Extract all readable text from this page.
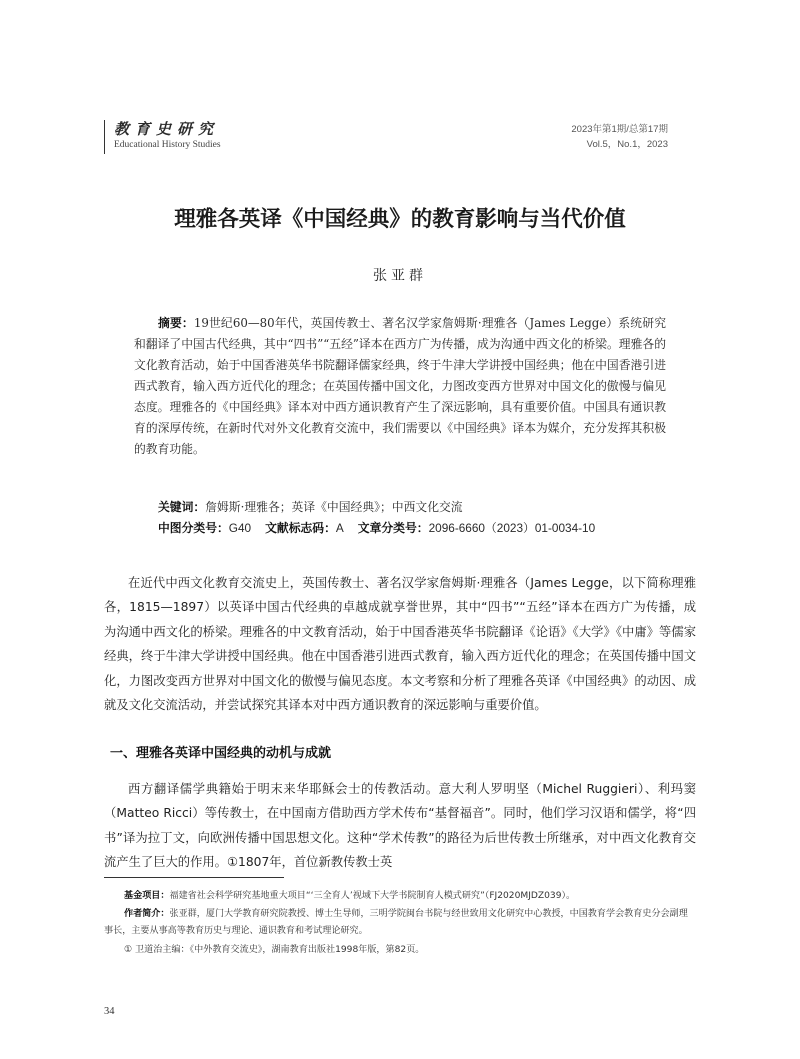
教育史研究
Educational History Studies
2023年第1期/总第17期
Vol.5，No.1，2023
理雅各英译《中国经典》的教育影响与当代价值
张亚群
摘要：19世纪60—80年代，英国传教士、著名汉学家詹姆斯·理雅各（James Legge）系统研究和翻译了中国古代经典，其中“四书”“五经”译本在西方广为传播，成为沟通中西文化的桥梁。理雅各的文化教育活动，始于中国香港英华书院翻译儒家经典，终于牛津大学讲授中国经典；他在中国香港引进西式教育，输入西方近代化的理念；在英国传播中国文化，力图改变西方世界对中国文化的傲慢与偏见态度。理雅各的《中国经典》译本对中西方通识教育产生了深远影响，具有重要价值。中国具有通识教育的深厚传统，在新时代对外文化教育交流中，我们需要以《中国经典》译本为媒介，充分发挥其积极的教育功能。
关键词：詹姆斯·理雅各；英译《中国经典》；中西文化交流
中图分类号：G40 文献标志码：A 文章分类号：2096-6660（2023）01-0034-10

在近代中西文化教育交流史上，英国传教士、著名汉学家詹姆斯·理雅各（James Legge，以下简称理雅各，1815—1897）以英译中国古代经典的卓越成就享誉世界，其中“四书”“五经”译本在西方广为传播，成为沟通中西文化的桥梁。理雅各的中文教育活动，始于中国香港英华书院翻译《论语》《大学》《中庸》等儒家经典，终于牛津大学讲授中国经典。他在中国香港引进西式教育，输入西方近代化的理念；在英国传播中国文化，力图改变西方世界对中国文化的傲慢与偏见态度。本文考察和分析了理雅各英译《中国经典》的动因、成就及文化交流活动，并尝试探究其译本对中西方通识教育的深远影响与重要价值。

一、理雅各英译中国经典的动机与成就

西方翻译儒学典籍始于明末来华耶稣会士的传教活动。意大利人罗明坚（Michel Ruggieri）、利玛窦（Matteo Ricci）等传教士，在中国南方借助西方学术传布“基督福音”。同时，他们学习汉语和儒学，将“四书”译为拉丁文，向欧洲传播中国思想文化。这种“学术传教”的路径为后世传教士所继承，对中西文化教育交流产生了巨大的作用。①1807年，首位新教传教士英

基金项目：福建省社会科学研究基地重大项目“‘三全育人’视域下大学书院制育人模式研究”（FJ2020MJDZ039）。

作者简介：张亚群，厦门大学教育研究院教授、博士生导师，三明学院闽台书院与经世致用文化研究中心教授，中国教育学会教育史分会副理事长，主要从事高等教育历史与理论、通识教育和考试理论研究。

① 卫道治主编：《中外教育交流史》，湖南教育出版社1998年版，第82页。

34
